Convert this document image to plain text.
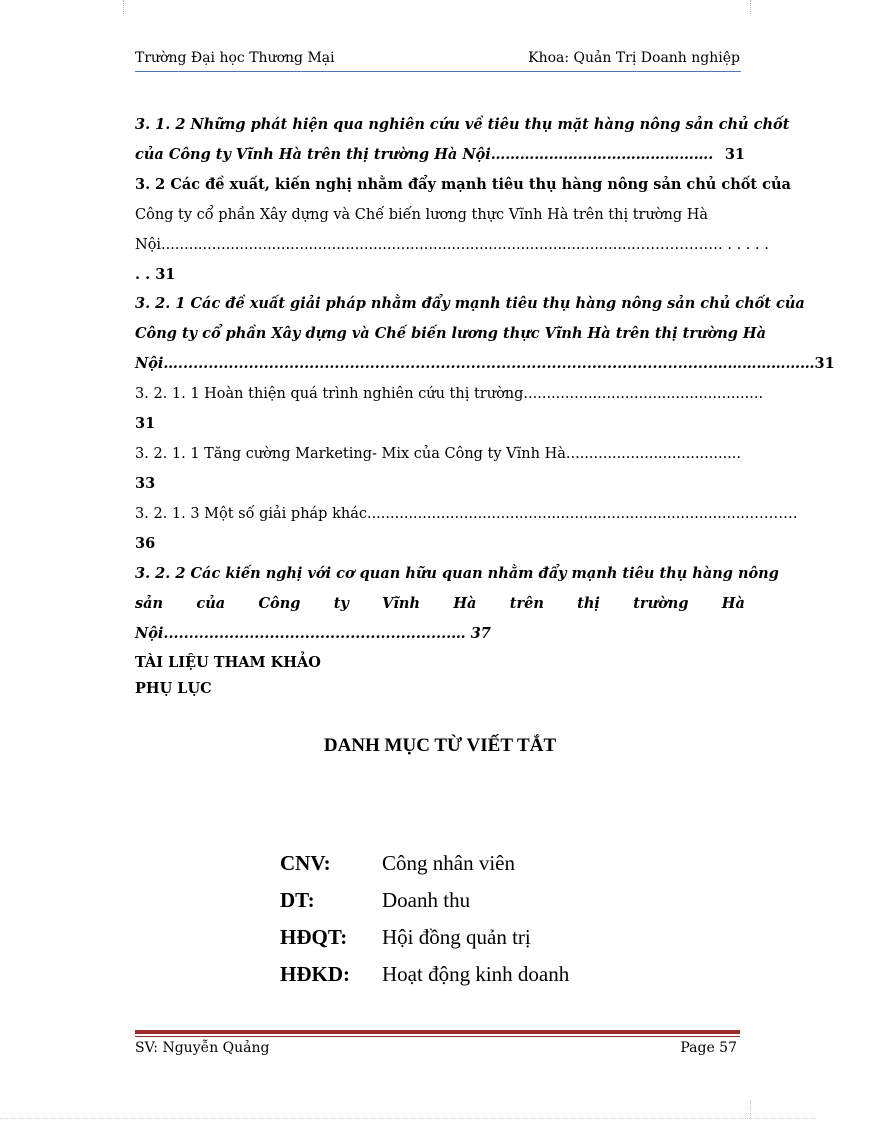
Trường Đại học Thương Mại	Khoa: Quản Trị Doanh nghiệp
3. 1. 2 Những phát hiện qua nghiên cứu về tiêu thụ mặt hàng nông sản chủ chốt
của Công ty Vĩnh Hà trên thị trường Hà Nội………………………………………. 31
3. 2 Các đề xuất, kiến nghị nhằm đẩy mạnh tiêu thụ hàng nông sản chủ chốt của
Công ty cổ phần Xây dựng và Chế biến lương thực Vĩnh Hà trên thị trường Hà
Nội.......................................................................................................……………… . . . . .
. . 31
3. 2. 1 Các đề xuất giải pháp nhằm đẩy mạnh tiêu thụ hàng nông sản chủ chốt của
Công ty cổ phần Xây dựng và Chế biến lương thực Vĩnh Hà trên thị trường Hà
Nội…..........................................................................................................………………… 31
3. 2. 1. 1 Hoàn thiện quá trình nghiên cứu thị trường....................................................
31
3. 2. 1. 1 Tăng cường Marketing- Mix của Công ty Vĩnh Hà......................................
33
3. 2. 1. 3 Một số giải pháp khác....................................................................................………
36
3. 2. 2 Các kiến nghị với cơ quan hữu quan nhằm đẩy mạnh tiêu thụ hàng nông
sản của Công ty Vĩnh Hà trên thị trường Hà
Nội.........................................................… 37
TÀI LIỆU THAM KHẢO
PHỤ LỤC
DANH MỤC TỪ VIẾT TẮT
CNV:	Công nhân viên
DT:	Doanh thu
HĐQT:	Hội đồng quản trị
HĐKD:	Hoạt động kinh doanh
SV: Nguyễn Quảng	Page 57
